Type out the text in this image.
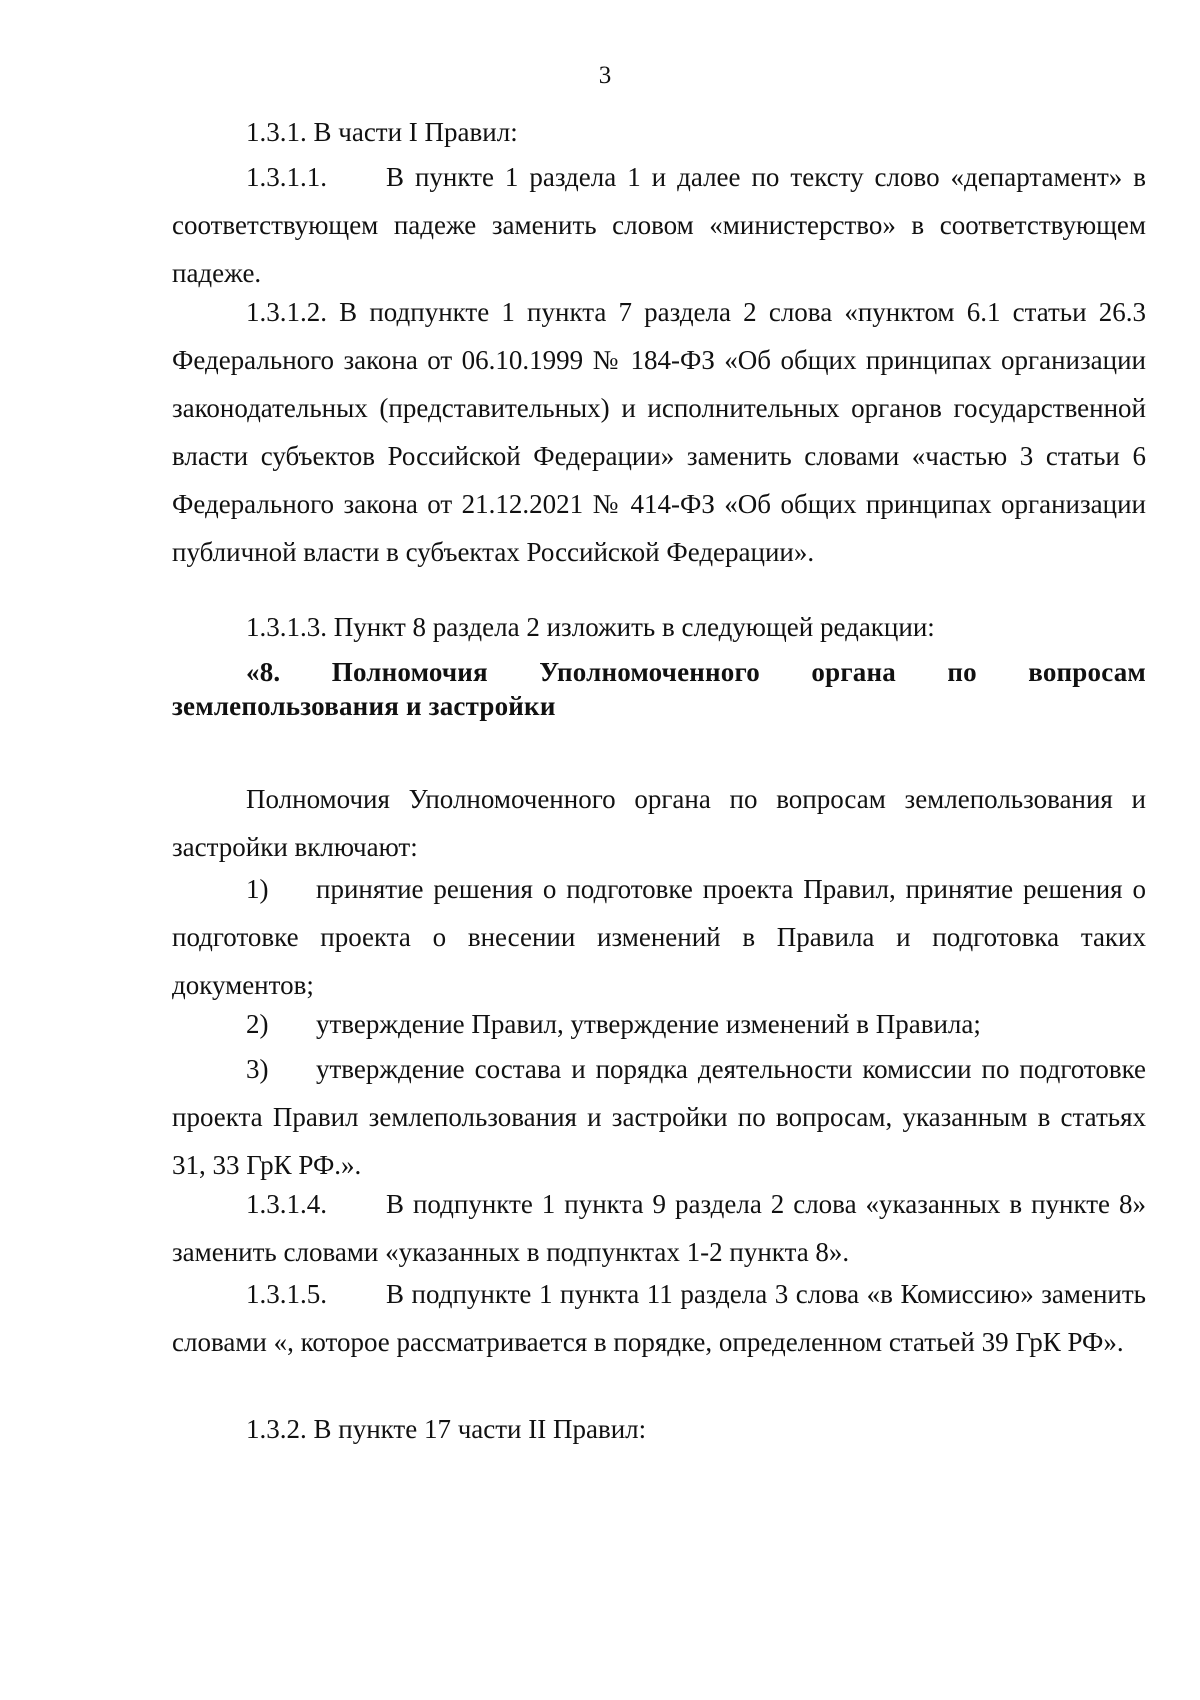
3

1.3.1. В части I Правил:

1.3.1.1. В пункте 1 раздела 1 и далее по тексту слово «департамент» в соответствующем падеже заменить словом «министерство» в соответствующем падеже.

1.3.1.2. В подпункте 1 пункта 7 раздела 2 слова «пунктом 6.1 статьи 26.3 Федерального закона от 06.10.1999 № 184-ФЗ «Об общих принципах организации законодательных (представительных) и исполнительных органов государственной власти субъектов Российской Федерации» заменить словами «частью 3 статьи 6 Федерального закона от 21.12.2021 № 414-ФЗ «Об общих принципах организации публичной власти в субъектах Российской Федерации».

1.3.1.3. Пункт 8 раздела 2 изложить в следующей редакции:

«8. Полномочия Уполномоченного органа по вопросам землепользования и застройки

Полномочия Уполномоченного органа по вопросам землепользования и застройки включают:

1) принятие решения о подготовке проекта Правил, принятие решения о подготовке проекта о внесении изменений в Правила и подготовка таких документов;

2) утверждение Правил, утверждение изменений в Правила;

3) утверждение состава и порядка деятельности комиссии по подготовке проекта Правил землепользования и застройки по вопросам, указанным в статьях 31, 33 ГрК РФ.».

1.3.1.4. В подпункте 1 пункта 9 раздела 2 слова «указанных в пункте 8» заменить словами «указанных в подпунктах 1-2 пункта 8».

1.3.1.5. В подпункте 1 пункта 11 раздела 3 слова «в Комиссию» заменить словами «, которое рассматривается в порядке, определенном статьей 39 ГрК РФ».

1.3.2. В пункте 17 части II Правил:
